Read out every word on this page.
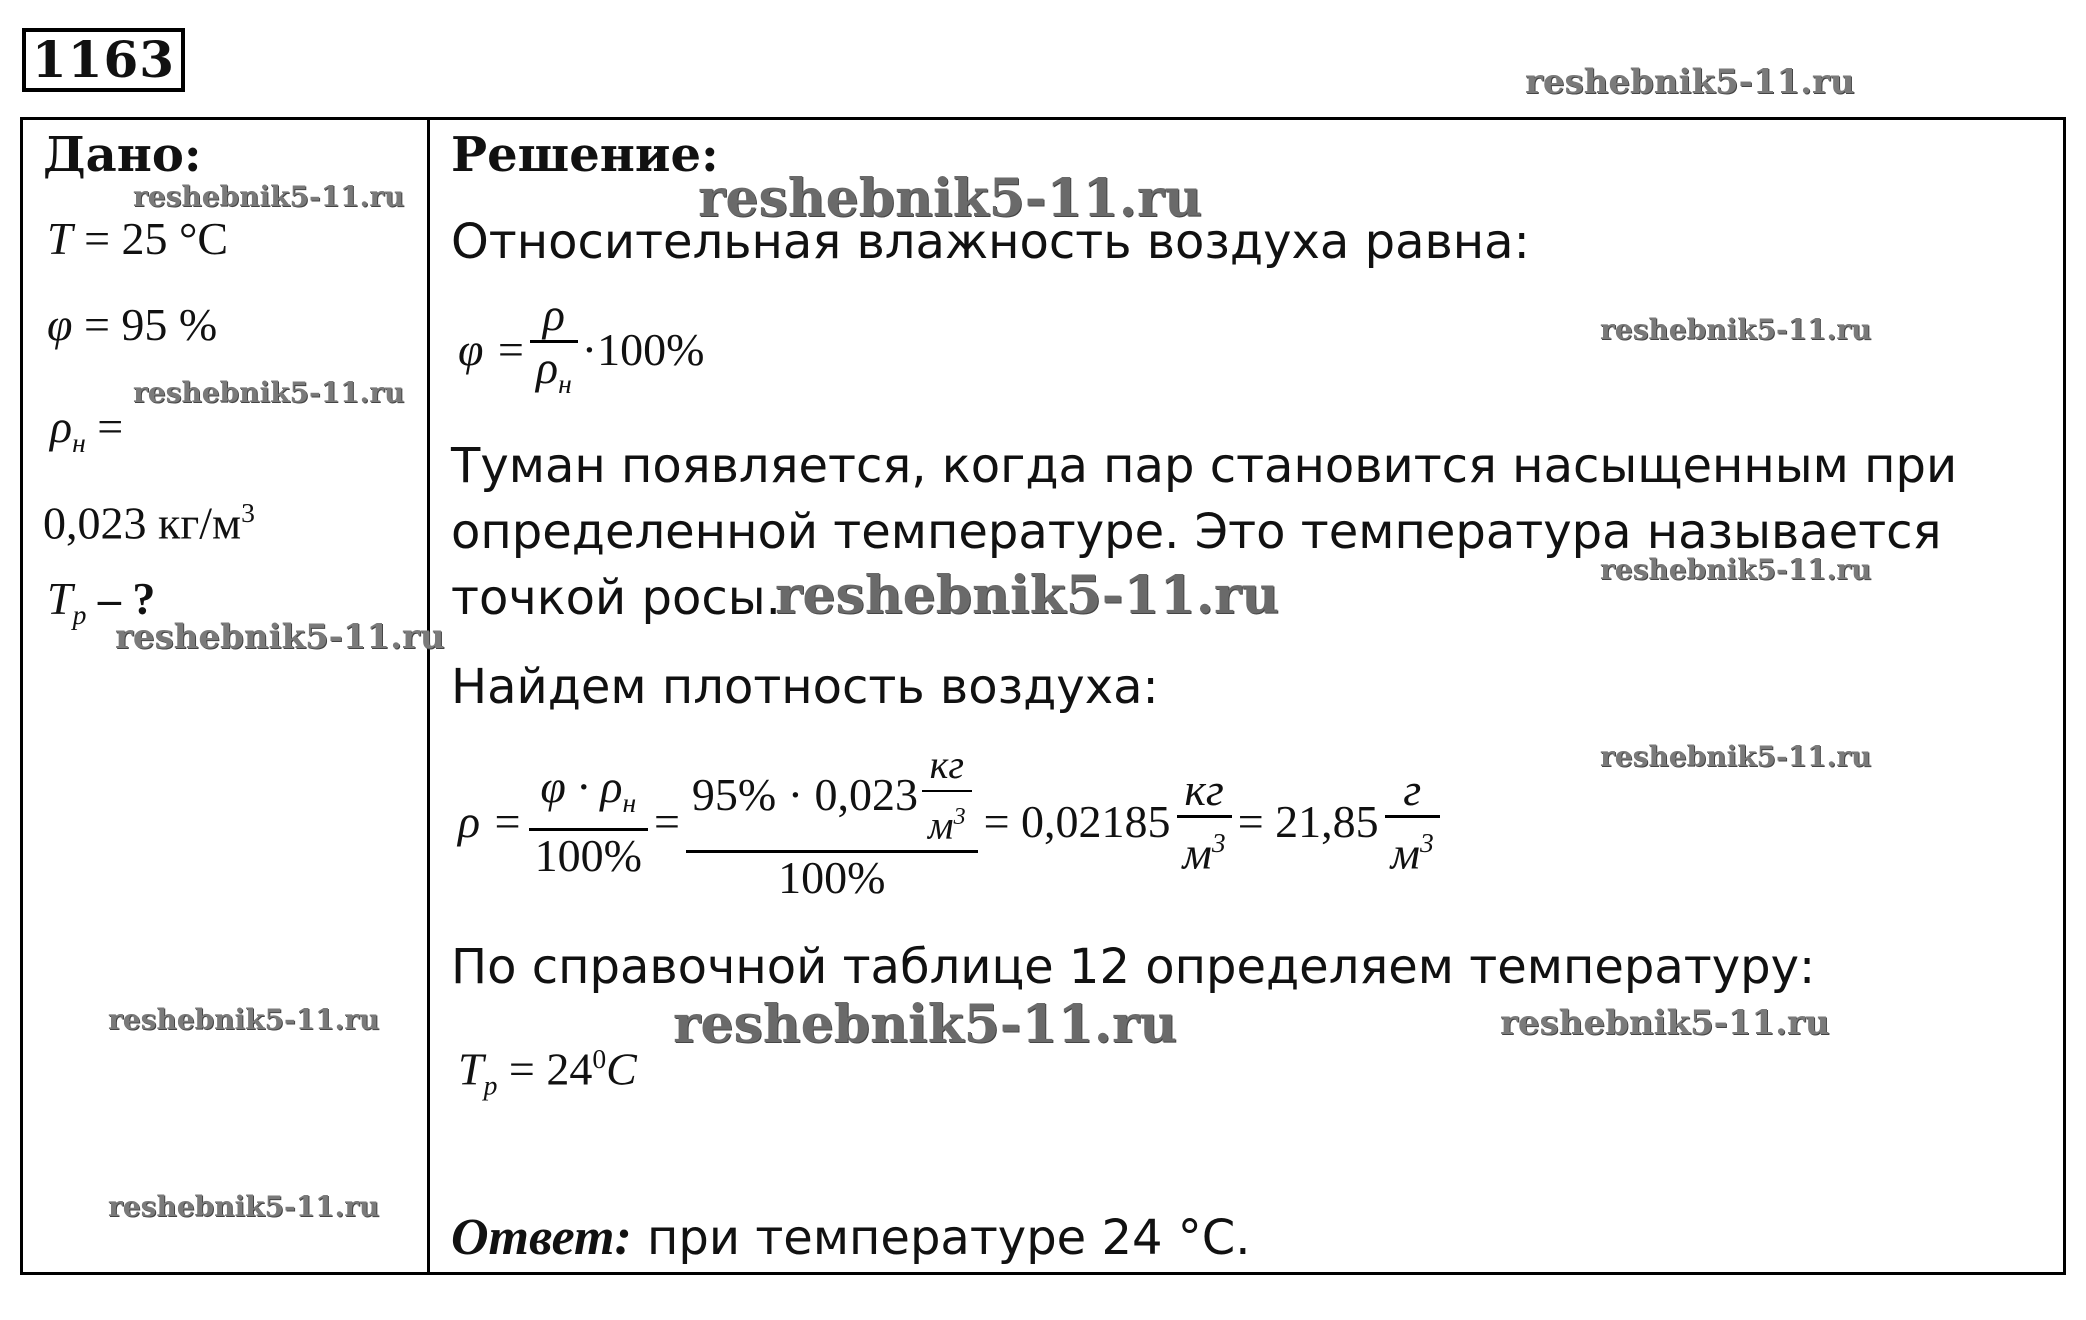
1163	reshebnik5-11.ru
reshebnik5-11.ru
reshebnik5-11.ru
reshebnik5-11.ru
reshebnik5-11.ru
reshebnik5-11.ru
reshebnik5-11.ru
reshebnik5-11.ru
reshebnik5-11.ru
reshebnik5-11.ru
reshebnik5-11.ru
Дано:
T = 25 °C
φ = 95 %
$\rho_н$ =
0,023 $кг/м^3$
$T_р$ – ?
Решение:
Относительная влажность воздуха равна:
$\varphi = \frac{\rho}{\rho_н} \cdot 100\%$
Туман появляется, когда пар становится насыщенным при
определенной температуре. Это температура называется
точкой росы.
reshebnik5-11.ru
Найдем плотность воздуха:
$\rho = \frac{\varphi \cdot \rho_н}{100\%} = \frac{95\% \cdot 0,023 \frac{кг}{м^3}}{100\%} = 0,02185 \frac{кг}{м^3} = 21,85 \frac{г}{м^3}$
По справочной таблице 12 определяем температуру:
$T_р = 24^0C$
reshebnik5-11.ru
Ответ: при температуре 24 °С.
